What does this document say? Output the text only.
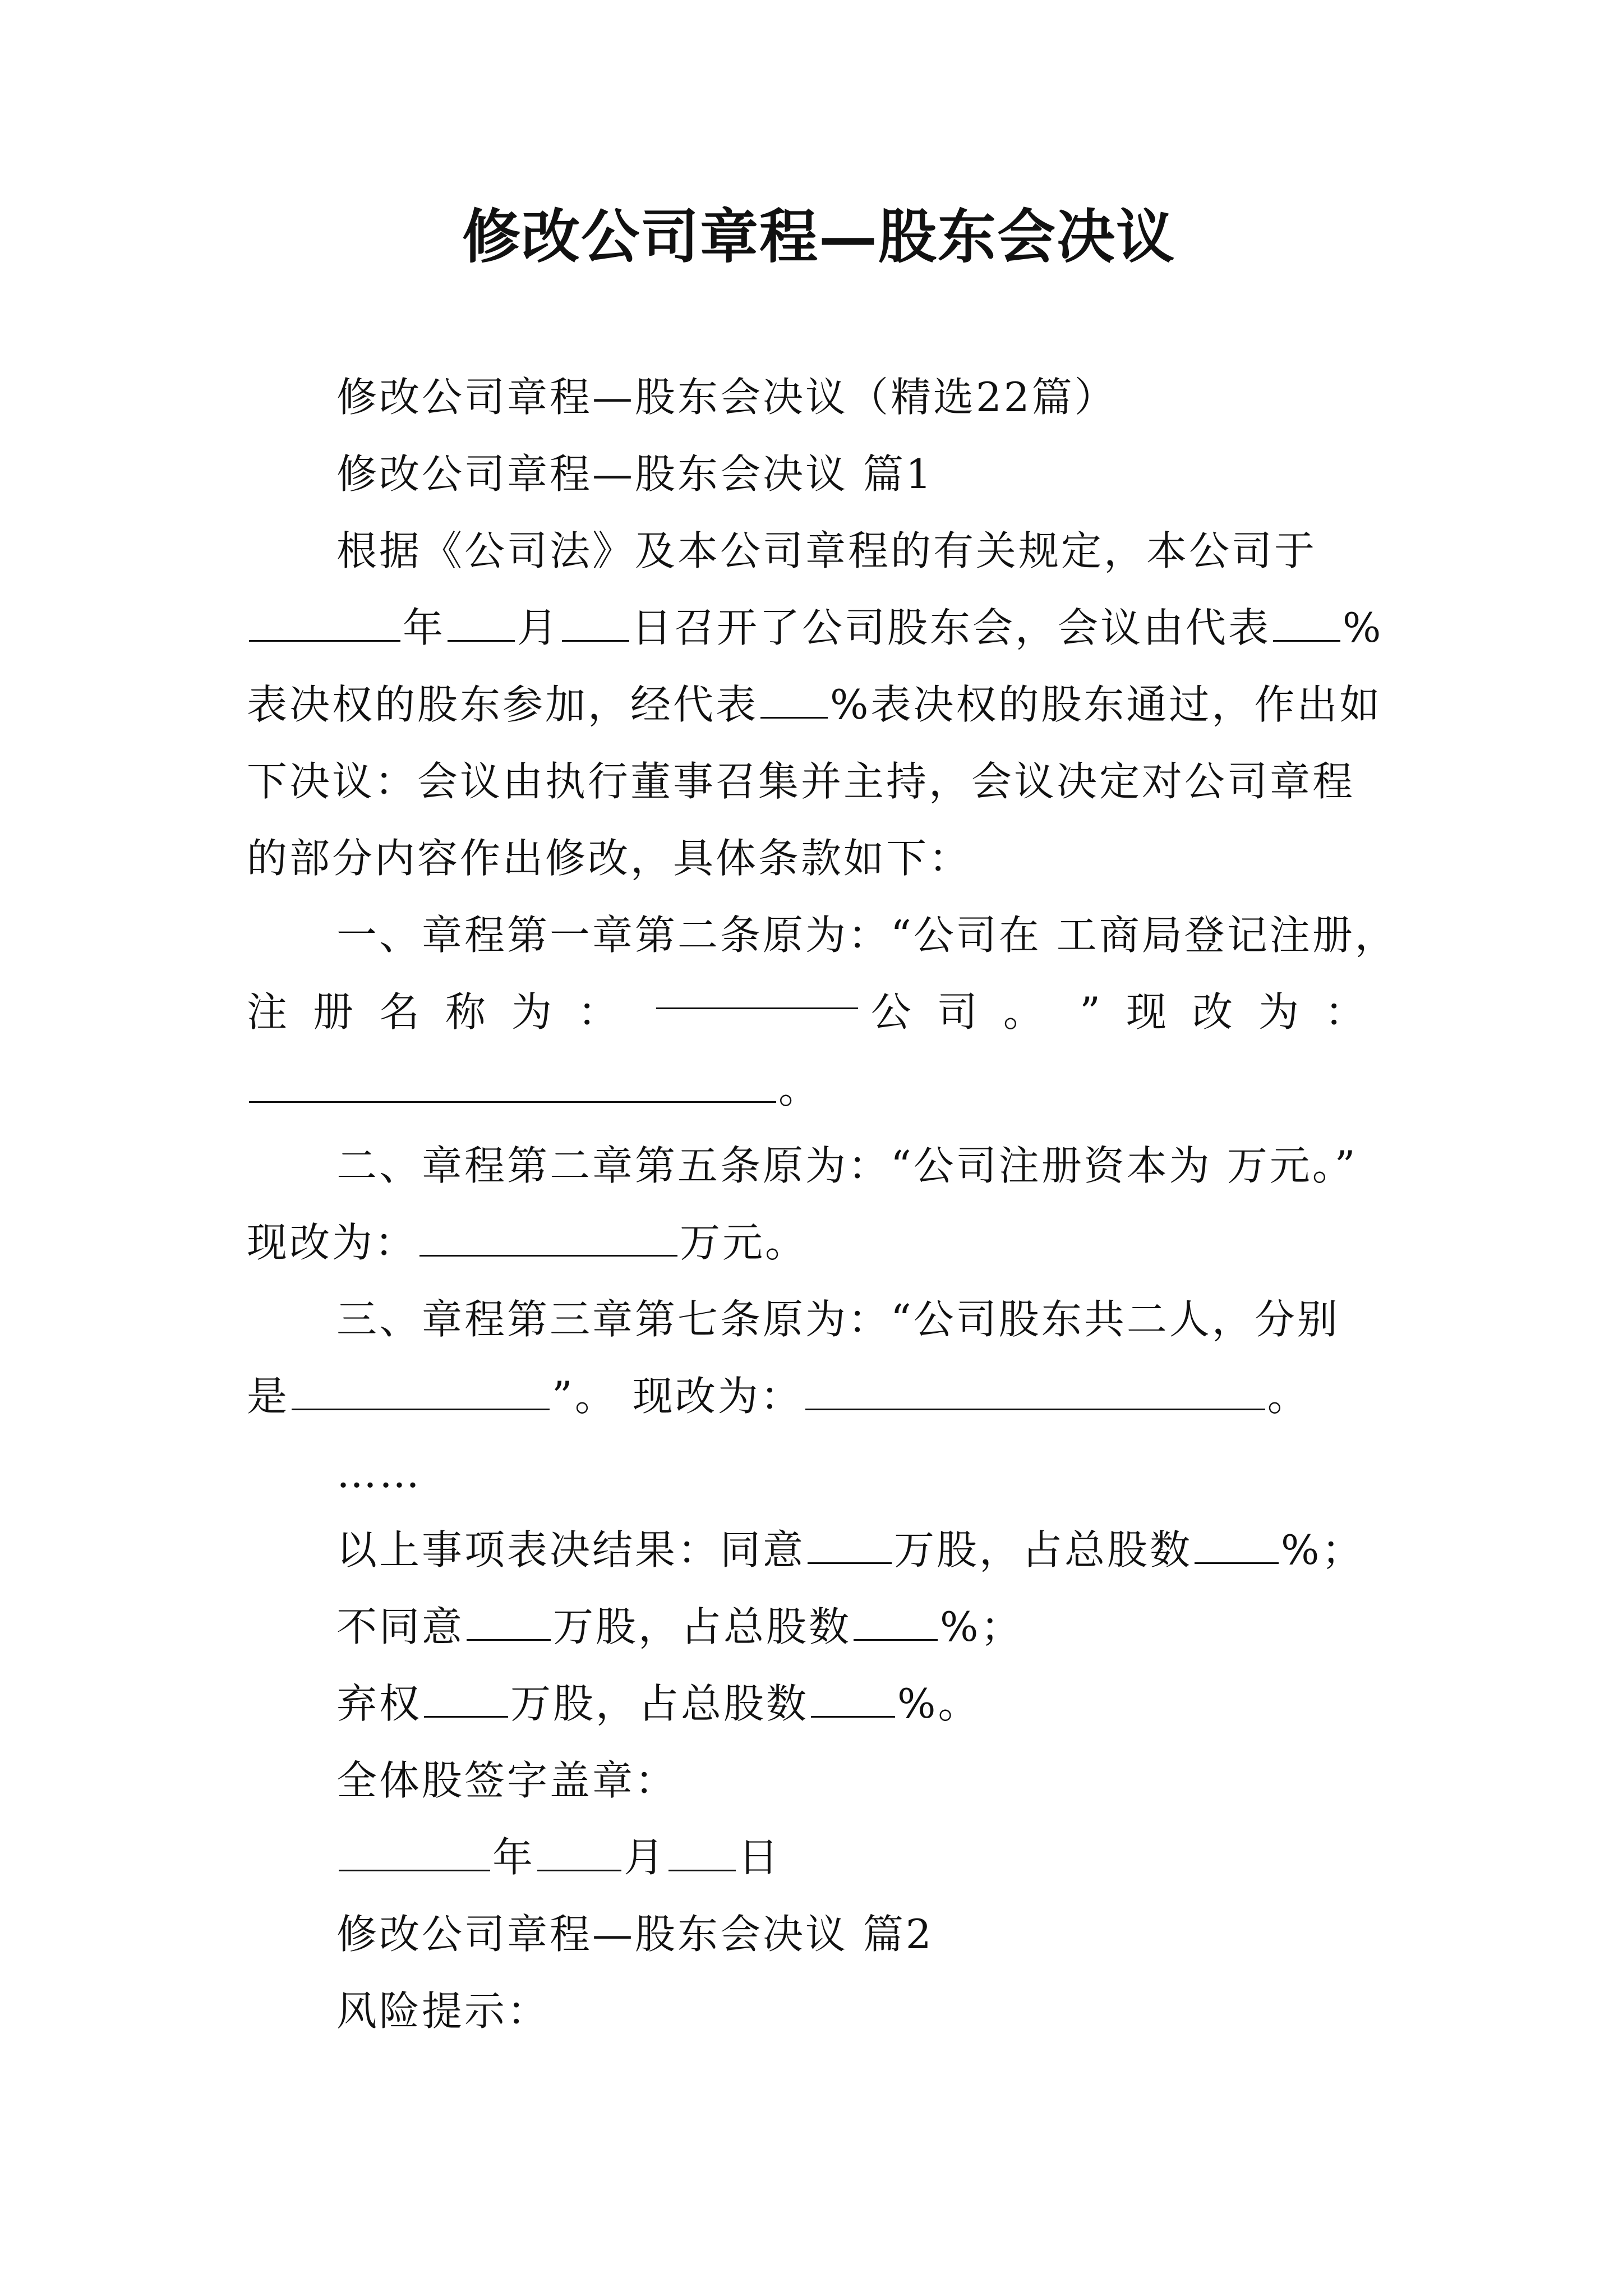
修改公司章程—股东会决议

修改公司章程—股东会决议（精选22篇）

修改公司章程—股东会决议 篇1

根据《公司法》及本公司章程的有关规定，本公司于
年 月 日召开了公司股东会，会议由代表 %
表决权的股东参加，经代表 %表决权的股东通过，作出如
下决议：会议由执行董事召集并主持，会议决定对公司章程
的部分内容作出修改，具体条款如下：
一、章程第一章第二条原为：“公司在 工商局登记注册，
注册名称为：	公司。 ”现改为：
。
二、章程第二章第五条原为：“公司注册资本为 万元。”
现改为：	万元。
三、章程第三章第七条原为：“公司股东共二人，分别
是	”。 现改为：	。

……

以上事项表决结果：同意 万股，占总股数 %；

不同意 万股，占总股数 %；

弃权 万股，占总股数 %。

全体股签字盖章：

年 月 日

修改公司章程—股东会决议 篇2

风险提示：
